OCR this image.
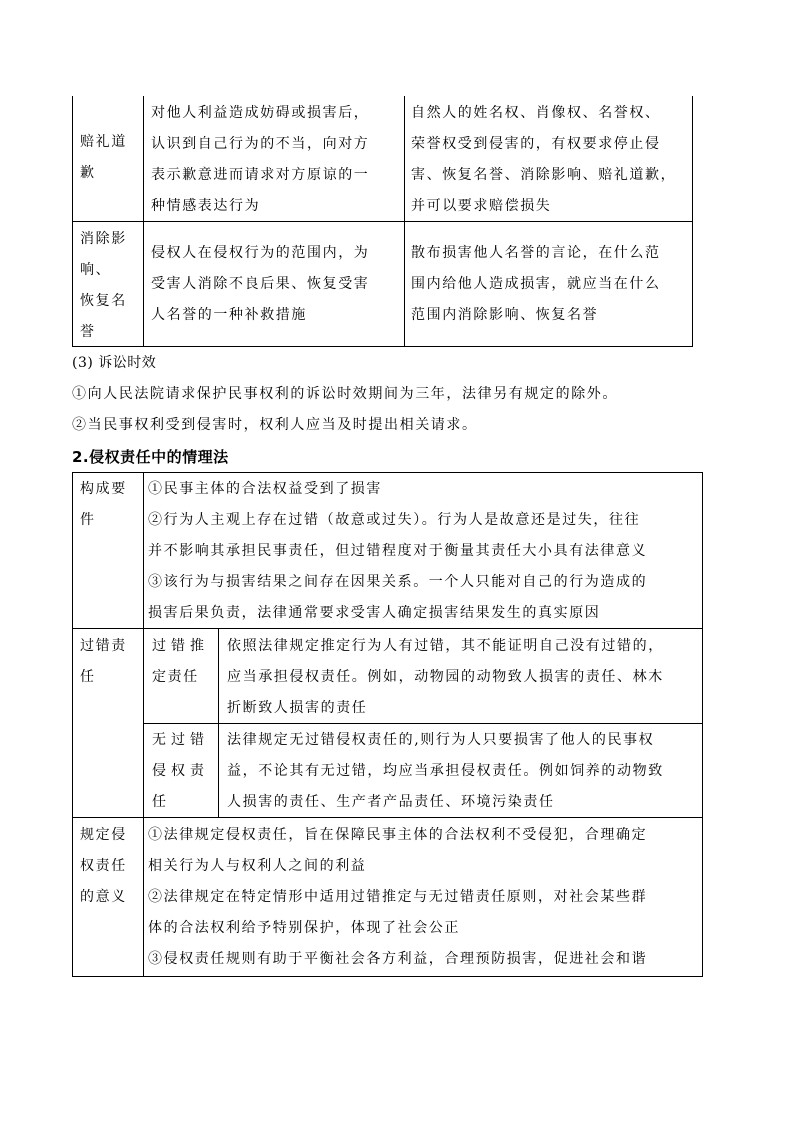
赔礼道
歉
对他人利益造成妨碍或损害后，
认识到自己行为的不当，向对方
表示歉意进而请求对方原谅的一
种情感表达行为
自然人的姓名权、肖像权、名誉权、
荣誉权受到侵害的，有权要求停止侵
害、恢复名誉、消除影响、赔礼道歉，
并可以要求赔偿损失
消除影
响、
恢复名
誉
侵权人在侵权行为的范围内，为
受害人消除不良后果、恢复受害
人名誉的一种补救措施
散布损害他人名誉的言论，在什么范
围内给他人造成损害，就应当在什么
范围内消除影响、恢复名誉
(3) 诉讼时效
①向人民法院请求保护民事权利的诉讼时效期间为三年，法律另有规定的除外。
②当民事权利受到侵害时，权利人应当及时提出相关请求。
2.侵权责任中的情理法
构成要
件
①民事主体的合法权益受到了损害
②行为人主观上存在过错（故意或过失）。行为人是故意还是过失，往往
并不影响其承担民事责任，但过错程度对于衡量其责任大小具有法律意义
③该行为与损害结果之间存在因果关系。一个人只能对自己的行为造成的
损害后果负责，法律通常要求受害人确定损害结果发生的真实原因
过错责
任
过错推
定责任
依照法律规定推定行为人有过错，其不能证明自己没有过错的，
应当承担侵权责任。例如，动物园的动物致人损害的责任、林木
折断致人损害的责任
无过错
侵权责
任
法律规定无过错侵权责任的,则行为人只要损害了他人的民事权
益，不论其有无过错，均应当承担侵权责任。例如饲养的动物致
人损害的责任、生产者产品责任、环境污染责任
规定侵
权责任
的意义
①法律规定侵权责任，旨在保障民事主体的合法权利不受侵犯，合理确定
相关行为人与权利人之间的利益
②法律规定在特定情形中适用过错推定与无过错责任原则，对社会某些群
体的合法权利给予特别保护，体现了社会公正
③侵权责任规则有助于平衡社会各方利益，合理预防损害，促进社会和谐
